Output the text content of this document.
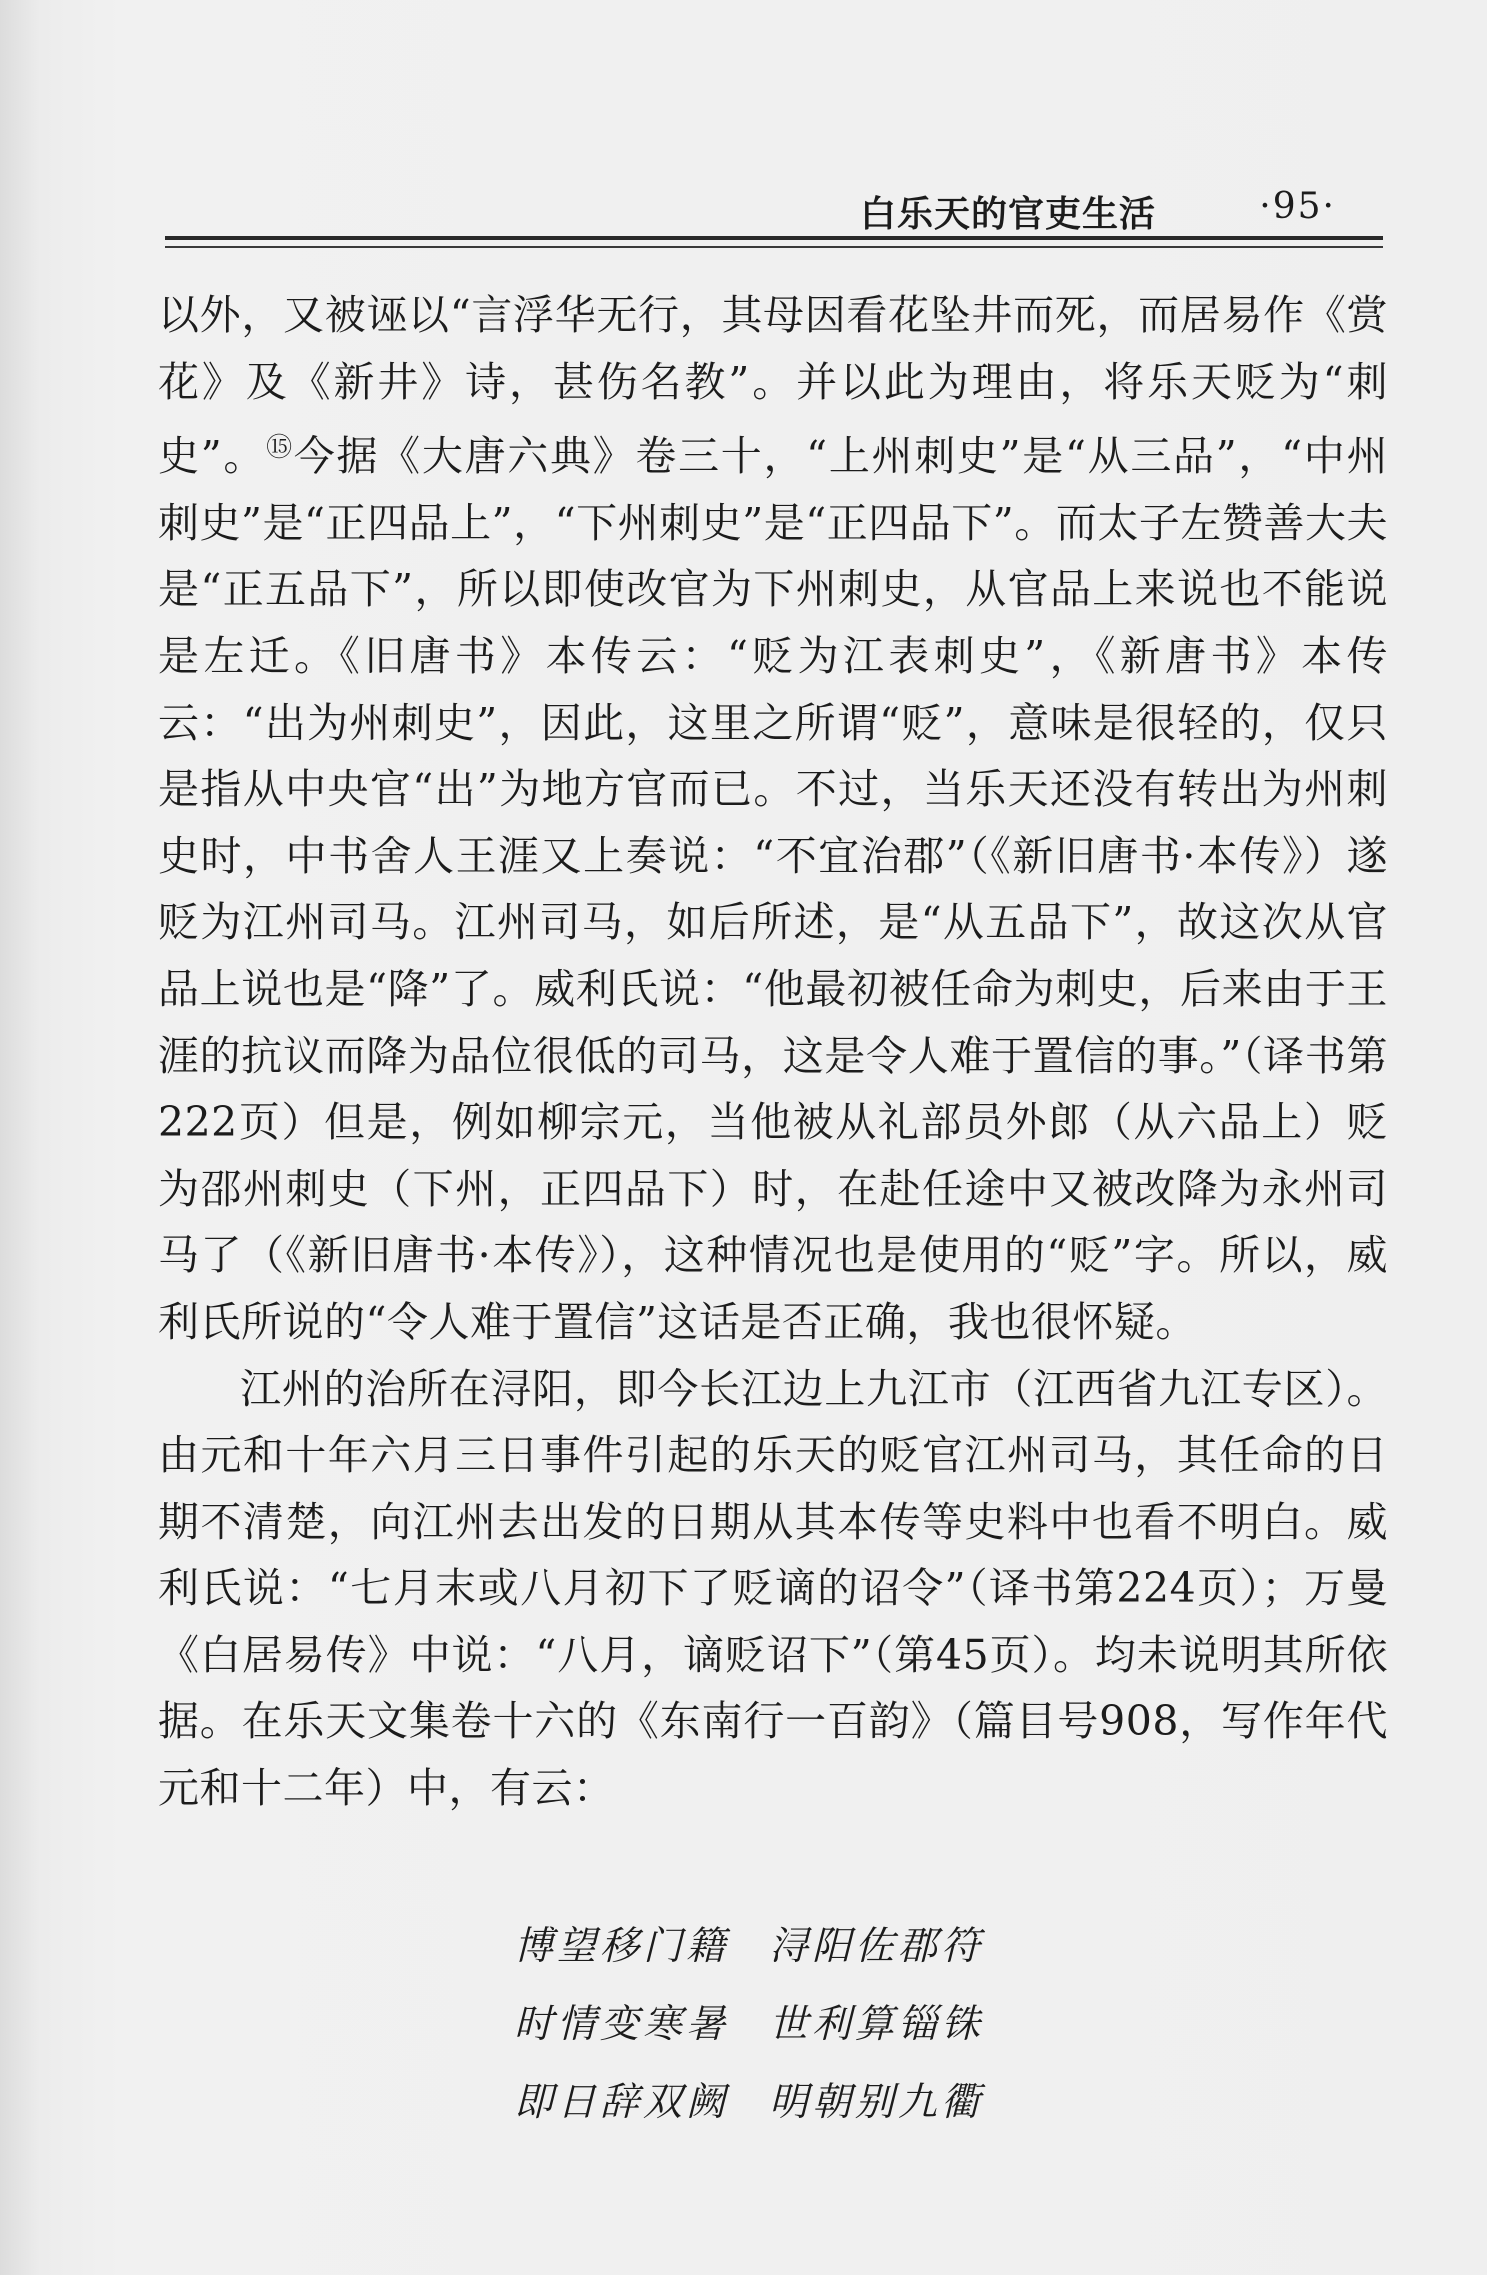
白乐天的官吏生活	·95·

以外，又被诬以“言浮华无行，其母因看花坠井而死，而居易作《赏花》及《新井》诗，甚伤名教”。并以此为理由，将乐天贬为“刺史”。⑮今据《大唐六典》卷三十，“上州刺史”是“从三品”，“中州刺史”是“正四品上”，“下州刺史”是“正四品下”。而太子左赞善大夫是“正五品下”，所以即使改官为下州刺史，从官品上来说也不能说是左迁。《旧唐书》本传云：“贬为江表刺史”，《新唐书》本传云：“出为州刺史”，因此，这里之所谓“贬”，意味是很轻的，仅只是指从中央官“出”为地方官而已。不过，当乐天还没有转出为州刺史时，中书舍人王涯又上奏说：“不宜治郡”（《新旧唐书·本传》）遂贬为江州司马。江州司马，如后所述，是“从五品下”，故这次从官品上说也是“降”了。威利氏说：“他最初被任命为刺史，后来由于王涯的抗议而降为品位很低的司马，这是令人难于置信的事。”（译书第222页）但是，例如柳宗元，当他被从礼部员外郎（从六品上）贬为邵州刺史（下州，正四品下）时，在赴任途中又被改降为永州司马了（《新旧唐书·本传》），这种情况也是使用的“贬”字。所以，威利氏所说的“令人难于置信”这话是否正确，我也很怀疑。

江州的治所在浔阳，即今长江边上九江市（江西省九江专区）。由元和十年六月三日事件引起的乐天的贬官江州司马，其任命的日期不清楚，向江州去出发的日期从其本传等史料中也看不明白。威利氏说：“七月末或八月初下了贬谪的诏令”（译书第224页）；万曼《白居易传》中说：“八月，谪贬诏下”（第45页）。均未说明其所依据。在乐天文集卷十六的《东南行一百韵》（篇目号908，写作年代元和十二年）中，有云：

博望移门籍 浔阳佐郡符
时情变寒暑 世利算锱铢
即日辞双阙 明朝别九衢
